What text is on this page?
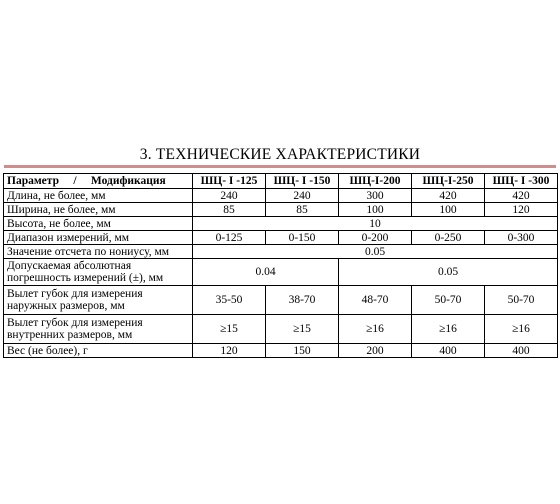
3. ТЕХНИЧЕСКИЕ ХАРАКТЕРИСТИКИ
Параметр     /     Модификация	ШЦ- I -125	ШЦ- I -150	ШЦ-I-200	ШЦ-I-250	ШЦ- I -300
Длина, не более, мм	240	240	300	420	420
Ширина, не более, мм	85	85	100	100	120
Высота, не более, мм	10				
Диапазон измерений, мм	0-125	0-150	0-200	0-250	0-300
Значение отсчета по нониусу, мм	0.05				
Допускаемая абсолютная погрешность измерений (±), мм	0.04		0.05		
Вылет губок для измерения наружных размеров, мм	35-50	38-70	48-70	50-70	50-70
Вылет губок для измерения внутренних размеров, мм	≥15	≥15	≥16	≥16	≥16
Вес (не более), г	120	150	200	400	400
